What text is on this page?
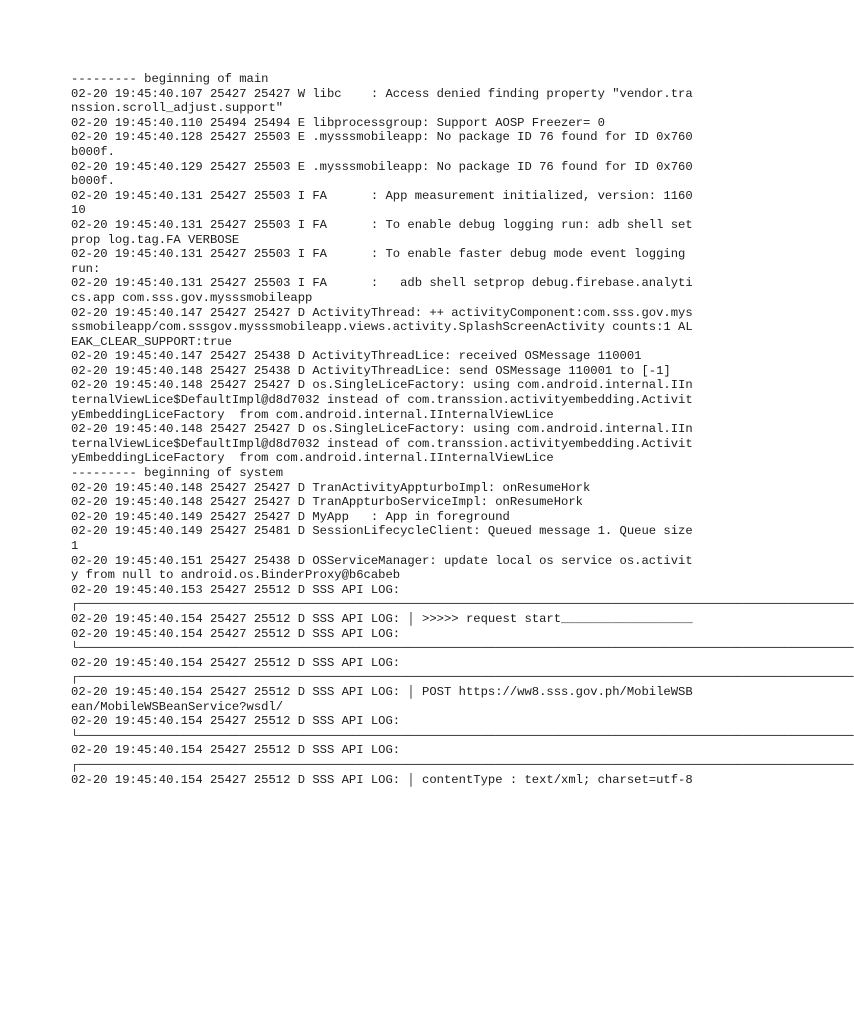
--------- beginning of main
02-20 19:45:40.107 25427 25427 W libc    : Access denied finding property "vendor.transsion.scroll_adjust.support"
02-20 19:45:40.110 25494 25494 E libprocessgroup: Support AOSP Freezer= 0
02-20 19:45:40.128 25427 25503 E .mysssmobileapp: No package ID 76 found for ID 0x760b000f.
02-20 19:45:40.129 25427 25503 E .mysssmobileapp: No package ID 76 found for ID 0x760b000f.
02-20 19:45:40.131 25427 25503 I FA      : App measurement initialized, version: 116010
02-20 19:45:40.131 25427 25503 I FA      : To enable debug logging run: adb shell setprop log.tag.FA VERBOSE
02-20 19:45:40.131 25427 25503 I FA      : To enable faster debug mode event logging run:
02-20 19:45:40.131 25427 25503 I FA      :   adb shell setprop debug.firebase.analytics.app com.sss.gov.mysssmobileapp
02-20 19:45:40.147 25427 25427 D ActivityThread: ++ activityComponent:com.sss.gov.mysssmobileapp/com.sssgov.mysssmobileapp.views.activity.SplashScreenActivity counts:1 ALEAK_CLEAR_SUPPORT:true
02-20 19:45:40.147 25427 25438 D ActivityThreadLice: received OSMessage 110001
02-20 19:45:40.148 25427 25438 D ActivityThreadLice: send OSMessage 110001 to [-1]
02-20 19:45:40.148 25427 25427 D os.SingleLiceFactory: using com.android.internal.IInternalViewLice$DefaultImpl@d8d7032 instead of com.transsion.activityembedding.ActivityEmbeddingLiceFactory  from com.android.internal.IInternalViewLice
02-20 19:45:40.148 25427 25427 D os.SingleLiceFactory: using com.android.internal.IInternalViewLice$DefaultImpl@d8d7032 instead of com.transsion.activityembedding.ActivityEmbeddingLiceFactory  from com.android.internal.IInternalViewLice
--------- beginning of system
02-20 19:45:40.148 25427 25427 D TranActivityAppturboImpl: onResumeHork
02-20 19:45:40.148 25427 25427 D TranAppturboServiceImpl: onResumeHork
02-20 19:45:40.149 25427 25427 D MyApp   : App in foreground
02-20 19:45:40.149 25427 25481 D SessionLifecycleClient: Queued message 1. Queue size 1
02-20 19:45:40.151 25427 25438 D OSServiceManager: update local os service os.activity from null to android.os.BinderProxy@b6cabeb
02-20 19:45:40.153 25427 25512 D SSS API LOG:
┌──────────────────────────────────────────────────────────────────────────────────────────────────────────
02-20 19:45:40.154 25427 25512 D SSS API LOG: │ >>>>> request start__________________
02-20 19:45:40.154 25427 25512 D SSS API LOG:
└──────────────────────────────────────────────────────────────────────────────────────────────────────────
02-20 19:45:40.154 25427 25512 D SSS API LOG:
┌──────────────────────────────────────────────────────────────────────────────────────────────────────────
02-20 19:45:40.154 25427 25512 D SSS API LOG: │ POST https://ww8.sss.gov.ph/MobileWSBean/MobileWSBeanService?wsdl/
02-20 19:45:40.154 25427 25512 D SSS API LOG:
└──────────────────────────────────────────────────────────────────────────────────────────────────────────
02-20 19:45:40.154 25427 25512 D SSS API LOG:
┌──────────────────────────────────────────────────────────────────────────────────────────────────────────
02-20 19:45:40.154 25427 25512 D SSS API LOG: │ contentType : text/xml; charset=utf-8
